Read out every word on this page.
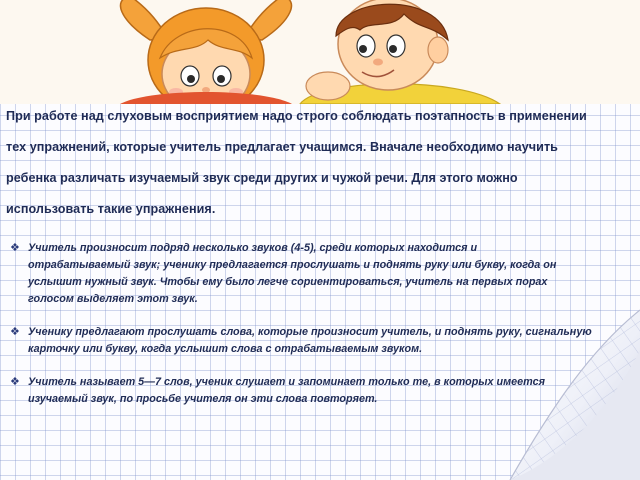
При работе над слуховым восприятием надо строго соблюдать поэтапность в применении тех упражнений, которые учитель предлагает учащимся. Вначале необходимо научить ребенка различать изучаемый звук среди других и чужой речи. Для этого можно использовать такие упражнения.

❖ Учитель произносит подряд несколько звуков (4-5), среди которых находится и отрабатываемый звук; ученику предлагается прослушать и поднять руку или букву, когда он услышит нужный звук. Чтобы ему было легче сориентироваться, учитель на первых порах голосом выделяет этот звук.
❖ Ученику предлагают прослушать слова, которые произносит учитель, и поднять руку, сигнальную карточку или букву, когда услышит слова с отрабатываемым звуком.
❖ Учитель называет 5—7 слов, ученик слушает и запоминает только те, в которых имеется изучаемый звук, по просьбе учителя он эти слова повторяет.
